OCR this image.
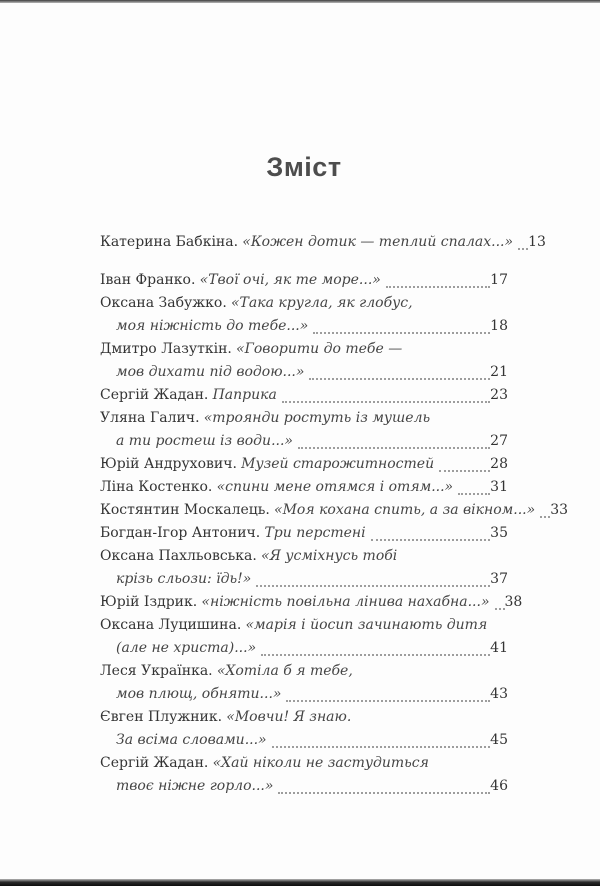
Зміст
Катерина Бабкіна. «Кожен дотик — теплий спалах...» 13
Іван Франко. «Твої очі, як те море...»	17
Оксана Забужко. «Така кругла, як глобус,
моя ніжність до тебе...»	18
Дмитро Лазуткін. «Говорити до тебе —
мов дихати під водою...»	21
Сергій Жадан. Паприка	23
Уляна Галич. «троянди ростуть із мушель
а ти ростеш із води...»	27
Юрій Андрухович. Музей старожитностей	28
Ліна Костенко. «спини мене отямся і отям...»	31
Костянтин Москалець. «Моя кохана спить, а за вікном...» 33
Богдан-Ігор Антонич. Три перстені	35
Оксана Пахльовська. «Я усміхнусь тобі
крізь сльози: їдь!»	37
Юрій Іздрик. «ніжність повільна лінива нахабна...» 38
Оксана Луцишина. «марія і йосип зачинають дитя
(але не христа)...»	41
Леся Українка. «Хотіла б я тебе,
мов плющ, обняти...»	43
Євген Плужник. «Мовчи! Я знаю.
За всіма словами...»	45
Сергій Жадан. «Хай ніколи не застудиться
твоє ніжне горло...»	46
